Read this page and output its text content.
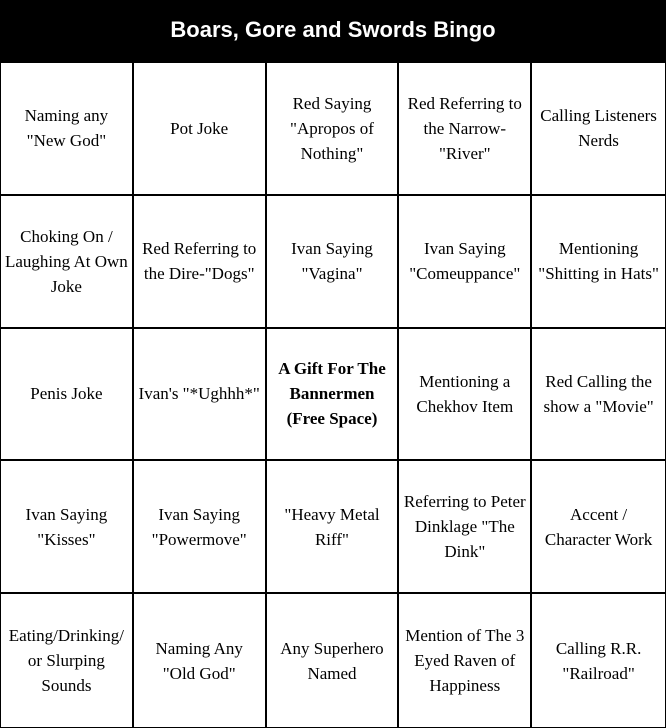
Boars, Gore and Swords Bingo
Naming any "New God"
Pot Joke
Red Saying "Apropos of Nothing"
Red Referring to the Narrow-"River"
Calling Listeners Nerds
Choking On / Laughing At Own Joke
Red Referring to the Dire-"Dogs"
Ivan Saying "Vagina"
Ivan Saying "Comeuppance"
Mentioning "Shitting in Hats"
Penis Joke	Ivan's "*Ughhh*"
A Gift For The Bannermen (Free Space)
Mentioning a Chekhov Item
Red Calling the show a "Movie"
Ivan Saying "Kisses"
Ivan Saying "Powermove"
"Heavy Metal Riff"
Referring to Peter Dinklage "The Dink"
Accent / Character Work
Eating/Drinking/ or Slurping Sounds
Naming Any "Old God"
Any Superhero Named
Mention of The 3 Eyed Raven of Happiness
Calling R.R. "Railroad"
